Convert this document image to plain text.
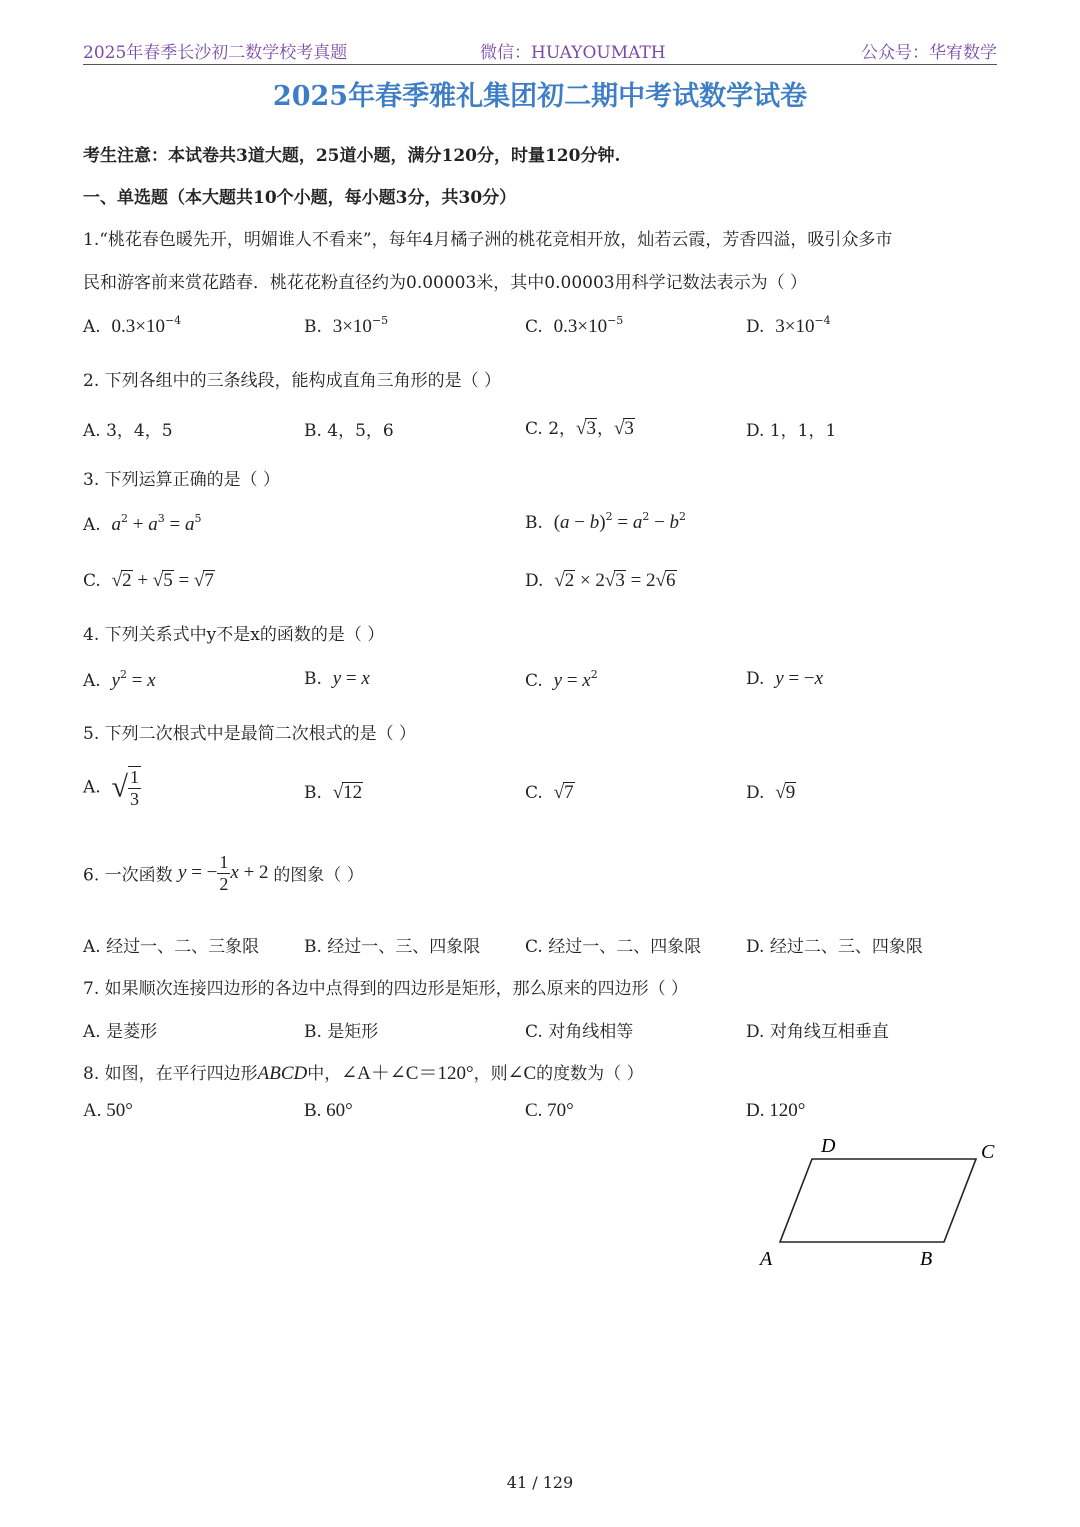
2025年春季长沙初二数学校考真题	微信：HUAYOUMATH	公众号：华宥数学
2025年春季雅礼集团初二期中考试数学试卷
考生注意：本试卷共3道大题，25道小题，满分120分，时量120分钟.
一、单选题（本大题共10个小题，每小题3分，共30分）
1.“桃花春色暖先开，明媚谁人不看来”，每年4月橘子洲的桃花竞相开放，灿若云霞，芳香四溢，吸引众多市
民和游客前来赏花踏春．桃花花粉直径约为0.00003米，其中0.00003用科学记数法表示为（ ）
A. $0.3\times 10^{-4}$	B. $3\times 10^{-5}$	C. $0.3\times 10^{-5}$	D. $3\times 10^{-4}$
2. 下列各组中的三条线段，能构成直角三角形的是（ ）
A. 3，4，5	B. 4，5，6	C. 2，√3，√3	D. 1，1，1
3. 下列运算正确的是（ ）
A. $a^2 + a^3 = a^5$	B. $(a - b)^2 = a^2 - b^2$
C. √2 + √5 = √7	D. √2 × 2√3 = 2√6
4. 下列关系式中y不是x的函数的是（ ）
A. $y^2 = x$	B. y = x	C. $y = x^2$	D. y = −x
5. 下列二次根式中是最简二次根式的是（ ）
A. √ $\frac{1}{3}$	B. √12	C. √7	D. √9
6. 一次函数 y = − $\frac{1}{2}$ x + 2 的图象（ ）
A. 经过一、二、三象限	B. 经过一、三、四象限	C. 经过一、二、四象限	D. 经过二、三、四象限
7. 如果顺次连接四边形的各边中点得到的四边形是矩形，那么原来的四边形（ ）
A. 是菱形	B. 是矩形	C. 对角线相等	D. 对角线互相垂直
8. 如图，在平行四边形ABCD中，∠A＋∠C＝120°，则∠C的度数为（ ）
A. 50°	B. 60°	C. 70°	D. 120°
A	B
C
D
41 / 129
